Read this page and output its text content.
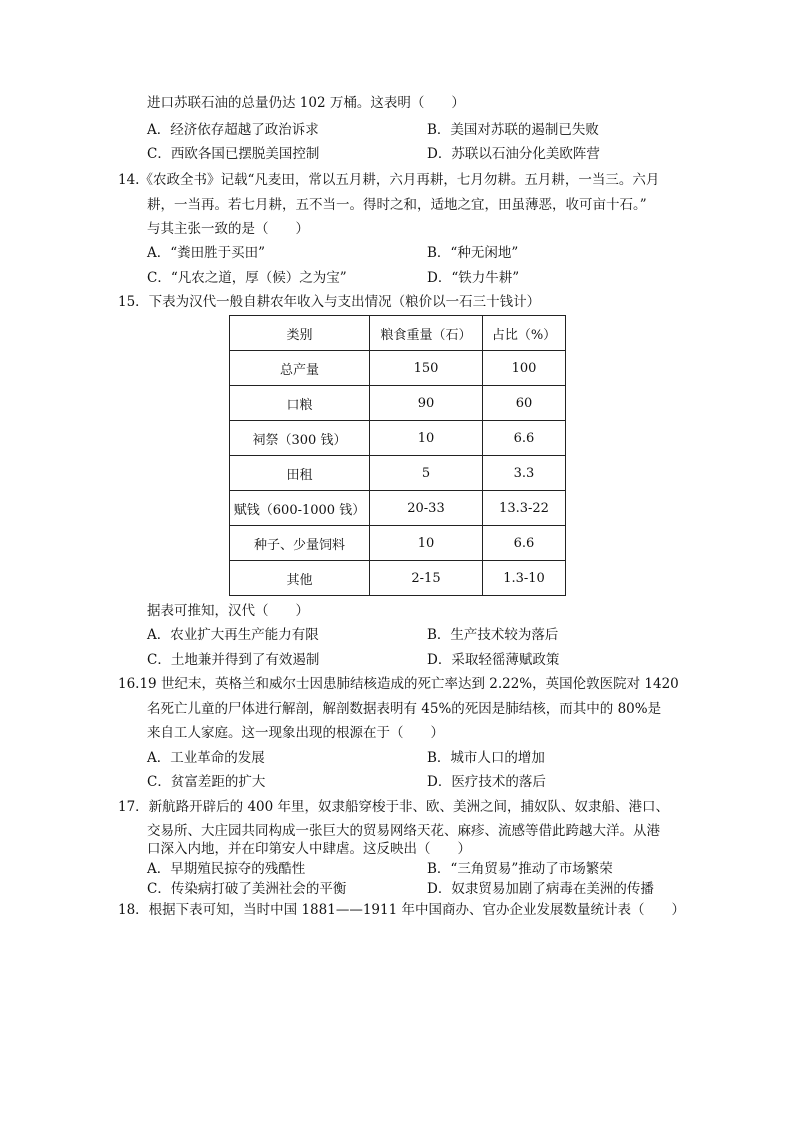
进口苏联石油的总量仍达 102 万桶。这表明（　　）
A．经济依存超越了政治诉求	B．美国对苏联的遏制已失败
C．西欧各国已摆脱美国控制	D．苏联以石油分化美欧阵营
14.《农政全书》记载“凡麦田，常以五月耕，六月再耕，七月勿耕。五月耕，一当三。六月
耕，一当再。若七月耕，五不当一。得时之和，适地之宜，田虽薄恶，收可亩十石。”
与其主张一致的是（　　）
A．“粪田胜于买田”	B．“种无闲地”
C．“凡农之道，厚（候）之为宝”	D．“铁力牛耕”
15．下表为汉代一般自耕农年收入与支出情况（粮价以一石三十钱计）
类别	粮食重量（石）	占比（%）
总产量	150	100
口粮	90	60
祠祭（300 钱）	10	6.6
田租	5	3.3
赋钱（600-1000 钱）	20-33	13.3-22
种子、少量饲料	10	6.6
其他	2-15	1.3-10
据表可推知，汉代（　　）
A．农业扩大再生产能力有限	B．生产技术较为落后
C．土地兼并得到了有效遏制	D．采取轻徭薄赋政策
16.19 世纪末，英格兰和威尔士因患肺结核造成的死亡率达到 2.22%，英国伦敦医院对 1420
名死亡儿童的尸体进行解剖，解剖数据表明有 45%的死因是肺结核，而其中的 80%是
来自工人家庭。这一现象出现的根源在于（　　）
A．工业革命的发展	B．城市人口的增加
C．贫富差距的扩大	D．医疗技术的落后
17．新航路开辟后的 400 年里，奴隶船穿梭于非、欧、美洲之间，捕奴队、奴隶船、港口、
交易所、大庄园共同构成一张巨大的贸易网络天花、麻疹、流感等借此跨越大洋。从港
口深入内地，并在印第安人中肆虐。这反映出（　　）
A．早期殖民掠夺的残酷性	B．“三角贸易”推动了市场繁荣
C．传染病打破了美洲社会的平衡	D．奴隶贸易加剧了病毒在美洲的传播
18．根据下表可知，当时中国 1881——1911 年中国商办、官办企业发展数量统计表（　　）
